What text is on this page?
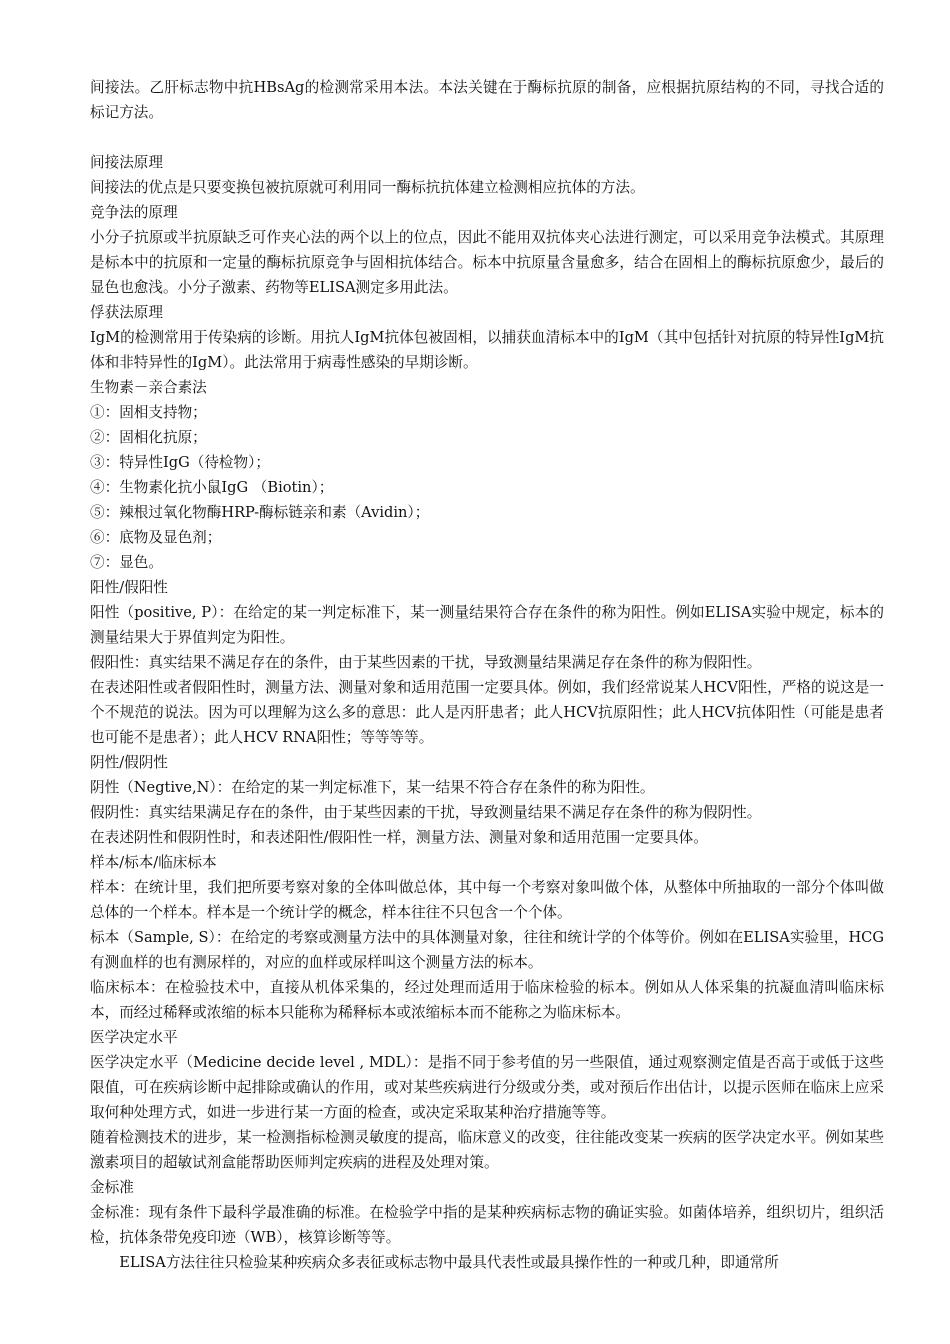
间接法。乙肝标志物中抗HBsAg的检测常采用本法。本法关键在于酶标抗原的制备，应根据抗原结构的不同，寻找合适的标记方法。

间接法原理

间接法的优点是只要变换包被抗原就可利用同一酶标抗抗体建立检测相应抗体的方法。

竞争法的原理

小分子抗原或半抗原缺乏可作夹心法的两个以上的位点，因此不能用双抗体夹心法进行测定，可以采用竞争法模式。其原理是标本中的抗原和一定量的酶标抗原竞争与固相抗体结合。标本中抗原量含量愈多，结合在固相上的酶标抗原愈少，最后的显色也愈浅。小分子激素、药物等ELISA测定多用此法。

俘获法原理

IgM的检测常用于传染病的诊断。用抗人IgM抗体包被固相，以捕获血清标本中的IgM（其中包括针对抗原的特异性IgM抗体和非特异性的IgM）。此法常用于病毒性感染的早期诊断。

生物素－亲合素法

①：固相支持物；

②：固相化抗原；

③：特异性IgG（待检物）；

④：生物素化抗小鼠IgG （Biotin）；

⑤：辣根过氧化物酶HRP-酶标链亲和素（Avidin）；

⑥：底物及显色剂；

⑦：显色。

阳性/假阳性

阳性（positive, P）：在给定的某一判定标准下，某一测量结果符合存在条件的称为阳性。例如ELISA实验中规定，标本的测量结果大于界值判定为阳性。

假阳性：真实结果不满足存在的条件，由于某些因素的干扰，导致测量结果满足存在条件的称为假阳性。

在表述阳性或者假阳性时，测量方法、测量对象和适用范围一定要具体。例如，我们经常说某人HCV阳性，严格的说这是一个不规范的说法。因为可以理解为这么多的意思：此人是丙肝患者；此人HCV抗原阳性；此人HCV抗体阳性（可能是患者也可能不是患者）；此人HCV RNA阳性；等等等等。

阴性/假阴性

阴性（Negtive,N）：在给定的某一判定标准下，某一结果不符合存在条件的称为阳性。

假阴性：真实结果满足存在的条件，由于某些因素的干扰，导致测量结果不满足存在条件的称为假阴性。

在表述阴性和假阴性时，和表述阳性/假阳性一样，测量方法、测量对象和适用范围一定要具体。

样本/标本/临床标本

样本：在统计里，我们把所要考察对象的全体叫做总体，其中每一个考察对象叫做个体，从整体中所抽取的一部分个体叫做总体的一个样本。样本是一个统计学的概念，样本往往不只包含一个个体。

标本（Sample, S）：在给定的考察或测量方法中的具体测量对象，往往和统计学的个体等价。例如在ELISA实验里，HCG有测血样的也有测尿样的，对应的血样或尿样叫这个测量方法的标本。

临床标本：在检验技术中，直接从机体采集的，经过处理而适用于临床检验的标本。例如从人体采集的抗凝血清叫临床标本，而经过稀释或浓缩的标本只能称为稀释标本或浓缩标本而不能称之为临床标本。

医学决定水平

医学决定水平（Medicine decide level , MDL）：是指不同于参考值的另一些限值，通过观察测定值是否高于或低于这些限值，可在疾病诊断中起排除或确认的作用，或对某些疾病进行分级或分类，或对预后作出估计，以提示医师在临床上应采取何种处理方式，如进一步进行某一方面的检查，或决定采取某种治疗措施等等。

随着检测技术的进步，某一检测指标检测灵敏度的提高，临床意义的改变，往往能改变某一疾病的医学决定水平。例如某些激素项目的超敏试剂盒能帮助医师判定疾病的进程及处理对策。

金标准

金标准：现有条件下最科学最准确的标准。在检验学中指的是某种疾病标志物的确证实验。如菌体培养，组织切片，组织活检，抗体条带免疫印迹（WB），核算诊断等等。

ELISA方法往往只检验某种疾病众多表征或标志物中最具代表性或最具操作性的一种或几种，即通常所
